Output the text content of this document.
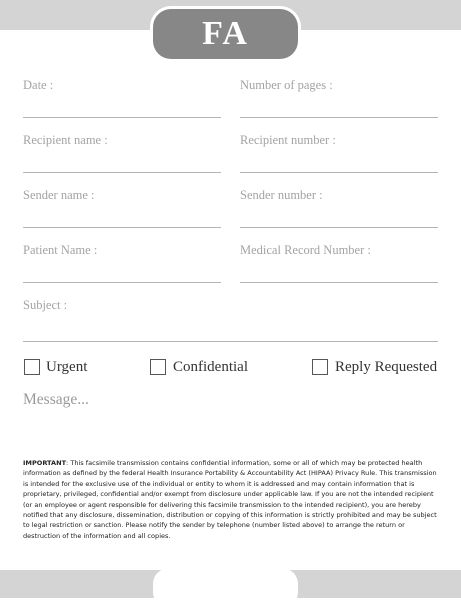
FA
Date :	Number of pages :
Recipient name :	Recipient number :
Sender name :	Sender number :
Patient Name :	Medical Record Number :
Subject :
Urgent	Confidential	Reply Requested
Message...
IMPORTANT: This facsimile transmission contains confidential information, some or all of which may be protected health information as defined by the federal Health Insurance Portability & Accountability Act (HIPAA) Privacy Rule. This transmission is intended for the exclusive use of the individual or entity to whom it is addressed and may contain information that is proprietary, privileged, confidential and/or exempt from disclosure under applicable law. If you are not the intended recipient (or an employee or agent responsible for delivering this facsimile transmission to the intended recipient), you are hereby notified that any disclosure, dissemination, distribution or copying of this information is strictly prohibited and may be subject to legal restriction or sanction. Please notify the sender by telephone (number listed above) to arrange the return or destruction of the information and all copies.
